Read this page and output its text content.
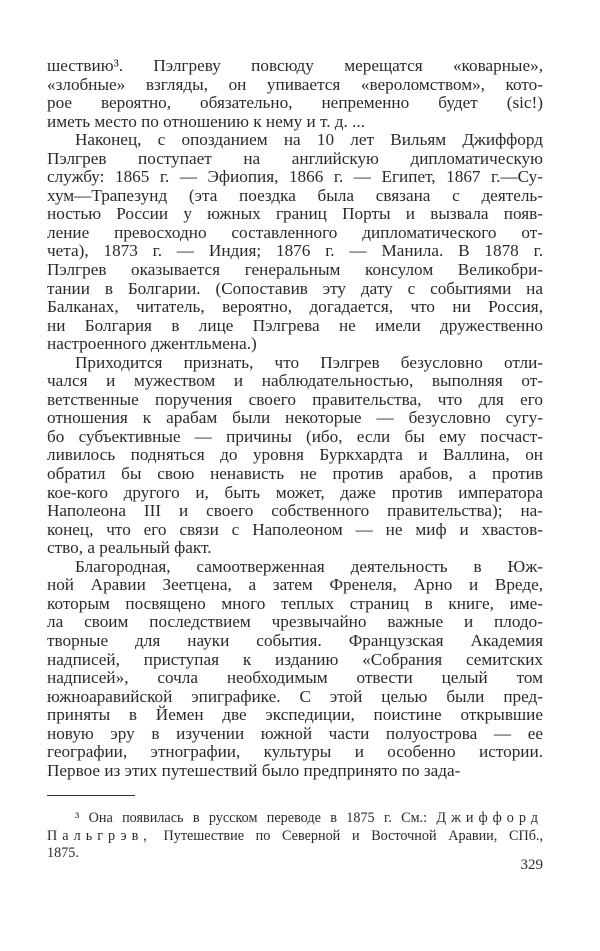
шествию³. Пэлгреву повсюду мерещатся «коварные»,
«злобные» взгляды, он упивается «вероломством», кото-
рое вероятно, обязательно, непременно будет (sic!)
иметь место по отношению к нему и т. д. ...
Наконец, с опозданием на 10 лет Вильям Джиффорд
Пэлгрев поступает на английскую дипломатическую
службу: 1865 г. — Эфиопия, 1866 г. — Египет, 1867 г.—Су-
хум—Трапезунд (эта поездка была связана с деятель-
ностью России у южных границ Порты и вызвала появ-
ление превосходно составленного дипломатического от-
чета), 1873 г. — Индия; 1876 г. — Манила. В 1878 г.
Пэлгрев оказывается генеральным консулом Великобри-
тании в Болгарии. (Сопоставив эту дату с событиями на
Балканах, читатель, вероятно, догадается, что ни Россия,
ни Болгария в лице Пэлгрева не имели дружественно
настроенного джентльмена.)
Приходится признать, что Пэлгрев безусловно отли-
чался и мужеством и наблюдательностью, выполняя от-
ветственные поручения своего правительства, что для его
отношения к арабам были некоторые — безусловно сугу-
бо субъективные — причины (ибо, если бы ему посчаст-
ливилось подняться до уровня Буркхардта и Валлина, он
обратил бы свою ненависть не против арабов, а против
кое-кого другого и, быть может, даже против императора
Наполеона III и своего собственного правительства); на-
конец, что его связи с Наполеоном — не миф и хвастов-
ство, а реальный факт.
Благородная, самоотверженная деятельность в Юж-
ной Аравии Зеетцена, а затем Френеля, Арно и Вреде,
которым посвящено много теплых страниц в книге, име-
ла своим последствием чрезвычайно важные и плодо-
творные для науки события. Французская Академия
надписей, приступая к изданию «Собрания семитских
надписей», сочла необходимым отвести целый том
южноаравийской эпиграфике. С этой целью были пред-
приняты в Йемен две экспедиции, поистине открывшие
новую эру в изучении южной части полуострова — ее
географии, этнографии, культуры и особенно истории.
Первое из этих путешествий было предпринято по зада-
³ Она появилась в русском переводе в 1875 г. См.: Джиффорд
Пальгрэв, Путешествие по Северной и Восточной Аравии, СПб.,
1875.
329
